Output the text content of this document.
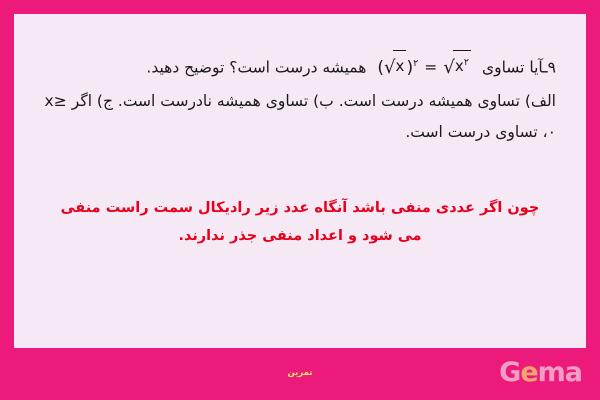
۹ـآیا تساوی (√x )$^۲ = √x^۲$ همیشه درست است؟ توضیح دهید.
الف) تساوی همیشه درست است. ب) تساوی همیشه نادرست است. ج) اگر ‌x≥ ۰، تساوی درست است.
چون اگر عددی منفی باشد آنگاه عدد زیر رادیکال سمت راست منفی می شود و اعداد منفی جذر ندارند.
تمرین	Gema
